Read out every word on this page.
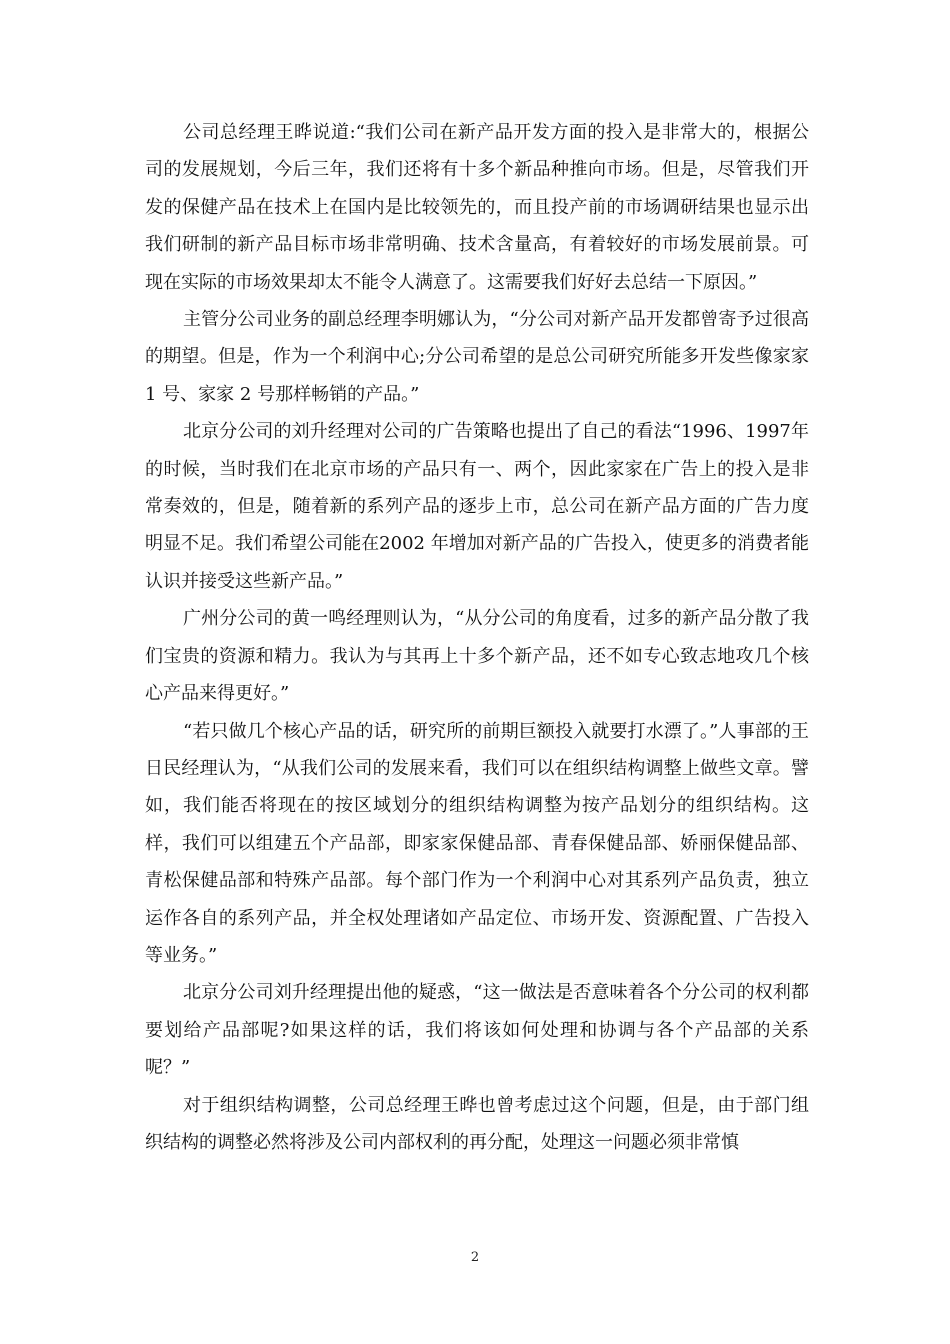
公司总经理王晔说道:“我们公司在新产品开发方面的投入是非常大的，根据公司的发展规划，今后三年，我们还将有十多个新品种推向市场。但是，尽管我们开发的保健产品在技术上在国内是比较领先的，而且投产前的市场调研结果也显示出我们研制的新产品目标市场非常明确、技术含量高，有着较好的市场发展前景。可现在实际的市场效果却太不能令人满意了。这需要我们好好去总结一下原因。”

主管分公司业务的副总经理李明娜认为，“分公司对新产品开发都曾寄予过很高的期望。但是，作为一个利润中心;分公司希望的是总公司研究所能多开发些像家家 1 号、家家 2 号那样畅销的产品。”

北京分公司的刘升经理对公司的广告策略也提出了自己的看法“1996、1997年的时候，当时我们在北京市场的产品只有一、两个，因此家家在广告上的投入是非常奏效的，但是，随着新的系列产品的逐步上市，总公司在新产品方面的广告力度明显不足。我们希望公司能在2002 年增加对新产品的广告投入，使更多的消费者能认识并接受这些新产品。”

广州分公司的黄一鸣经理则认为，“从分公司的角度看，过多的新产品分散了我们宝贵的资源和精力。我认为与其再上十多个新产品，还不如专心致志地攻几个核心产品来得更好。”

“若只做几个核心产品的话，研究所的前期巨额投入就要打水漂了。”人事部的王日民经理认为，“从我们公司的发展来看，我们可以在组织结构调整上做些文章。譬如，我们能否将现在的按区域划分的组织结构调整为按产品划分的组织结构。这样，我们可以组建五个产品部，即家家保健品部、青春保健品部、娇丽保健品部、青松保健品部和特殊产品部。每个部门作为一个利润中心对其系列产品负责，独立运作各自的系列产品，并全权处理诸如产品定位、市场开发、资源配置、广告投入等业务。”

北京分公司刘升经理提出他的疑惑，“这一做法是否意味着各个分公司的权利都要划给产品部呢?如果这样的话，我们将该如何处理和协调与各个产品部的关系呢？”

对于组织结构调整，公司总经理王晔也曾考虑过这个问题，但是，由于部门组织结构的调整必然将涉及公司内部权利的再分配，处理这一问题必须非常慎

2
